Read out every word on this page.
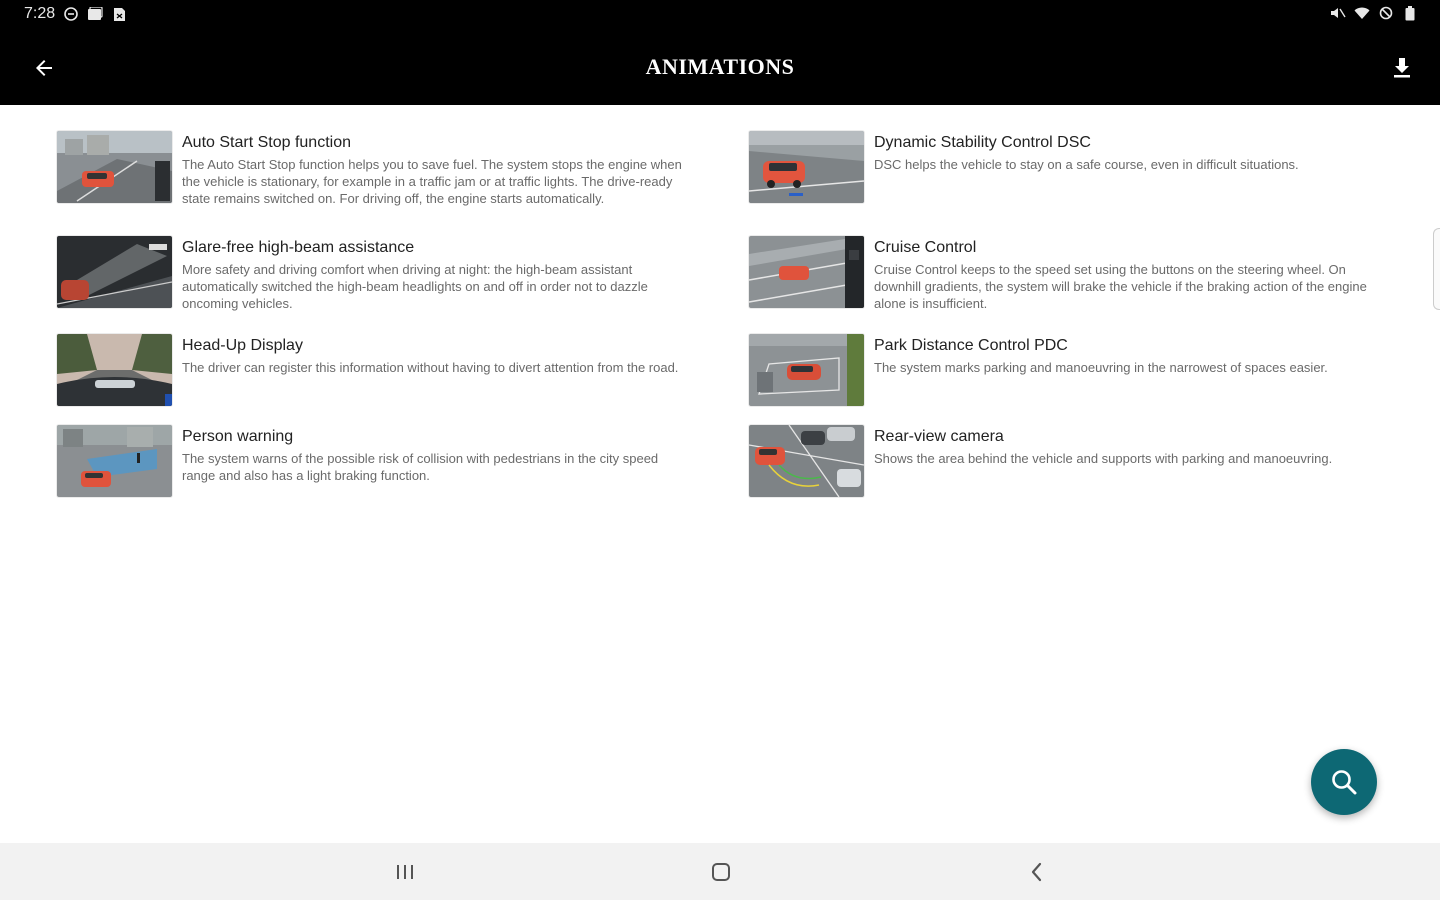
7:28
ANIMATIONS
Auto Start Stop function
The Auto Start Stop function helps you to save fuel. The system stops the engine when the vehicle is stationary, for example in a traffic jam or at traffic lights. The drive-ready state remains switched on. For driving off, the engine starts automatically.
Dynamic Stability Control DSC
DSC helps the vehicle to stay on a safe course, even in difficult situations.
Glare-free high-beam assistance
More safety and driving comfort when driving at night: the high-beam assistant automatically switched the high-beam headlights on and off in order not to dazzle oncoming vehicles.
Cruise Control
Cruise Control keeps to the speed set using the buttons on the steering wheel. On downhill gradients, the system will brake the vehicle if the braking action of the engine alone is insufficient.
Head-Up Display
The driver can register this information without having to divert attention from the road.
Park Distance Control PDC
The system marks parking and manoeuvring in the narrowest of spaces easier.
Person warning
The system warns of the possible risk of collision with pedestrians in the city speed range and also has a light braking function.
Rear-view camera
Shows the area behind the vehicle and supports with parking and manoeuvring.
